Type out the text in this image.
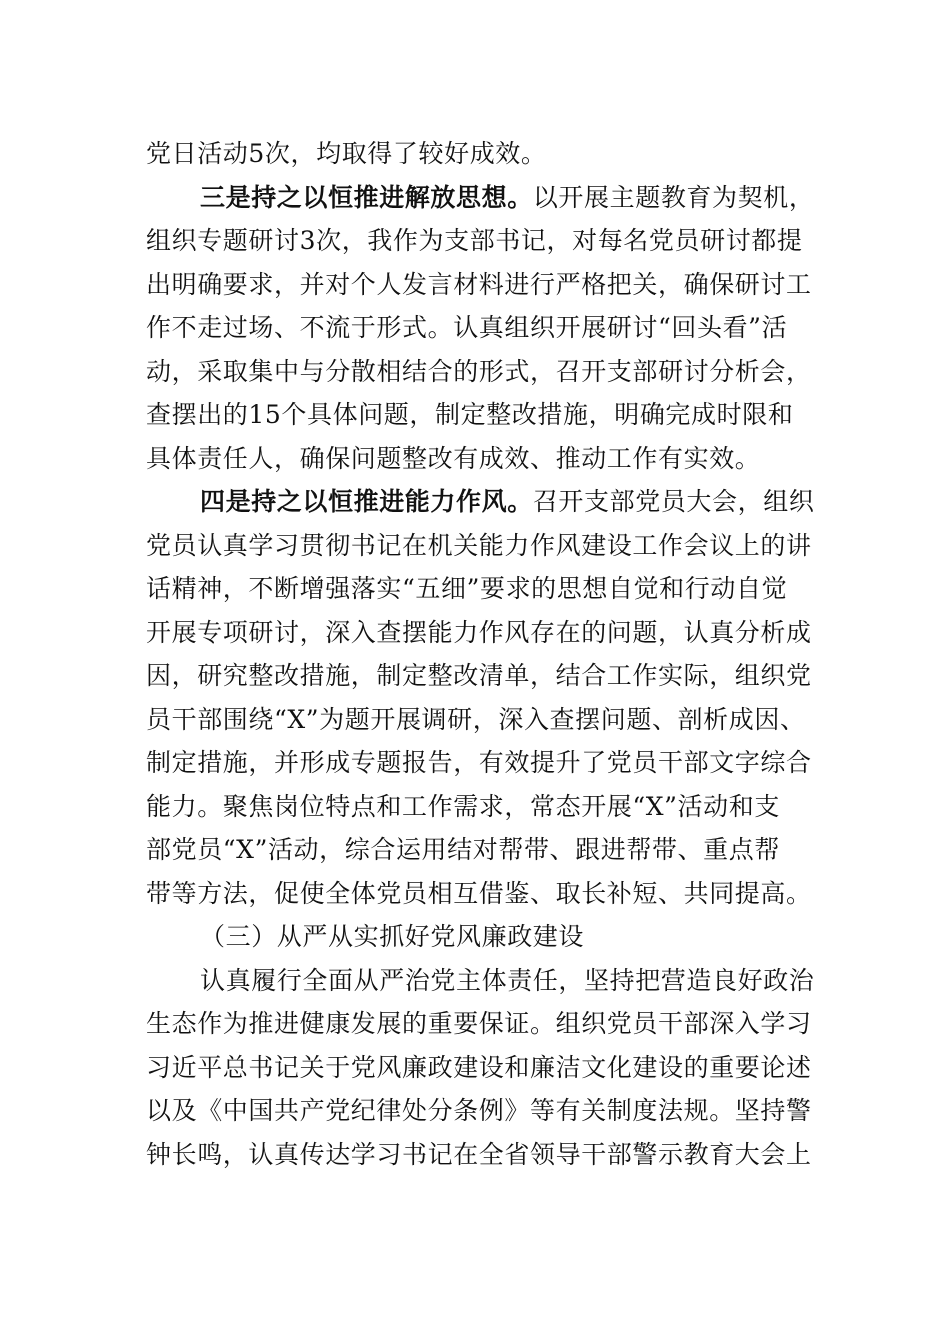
党日活动5次，均取得了较好成效。
三是持之以恒推进解放思想。以开展主题教育为契机，
组织专题研讨3次，我作为支部书记，对每名党员研讨都提
出明确要求，并对个人发言材料进行严格把关，确保研讨工
作不走过场、不流于形式。认真组织开展研讨“回头看”活
动，采取集中与分散相结合的形式，召开支部研讨分析会，
查摆出的15个具体问题，制定整改措施，明确完成时限和
具体责任人，确保问题整改有成效、推动工作有实效。
四是持之以恒推进能力作风。召开支部党员大会，组织
党员认真学习贯彻书记在机关能力作风建设工作会议上的讲
话精神，不断增强落实“五细”要求的思想自觉和行动自觉
开展专项研讨，深入查摆能力作风存在的问题，认真分析成
因，研究整改措施，制定整改清单，结合工作实际，组织党
员干部围绕“X”为题开展调研，深入查摆问题、剖析成因、
制定措施，并形成专题报告，有效提升了党员干部文字综合
能力。聚焦岗位特点和工作需求，常态开展“X”活动和支
部党员“X”活动，综合运用结对帮带、跟进帮带、重点帮
带等方法，促使全体党员相互借鉴、取长补短、共同提高。
（三）从严从实抓好党风廉政建设
认真履行全面从严治党主体责任，坚持把营造良好政治
生态作为推进健康发展的重要保证。组织党员干部深入学习
习近平总书记关于党风廉政建设和廉洁文化建设的重要论述
以及《中国共产党纪律处分条例》等有关制度法规。坚持警
钟长鸣，认真传达学习书记在全省领导干部警示教育大会上
